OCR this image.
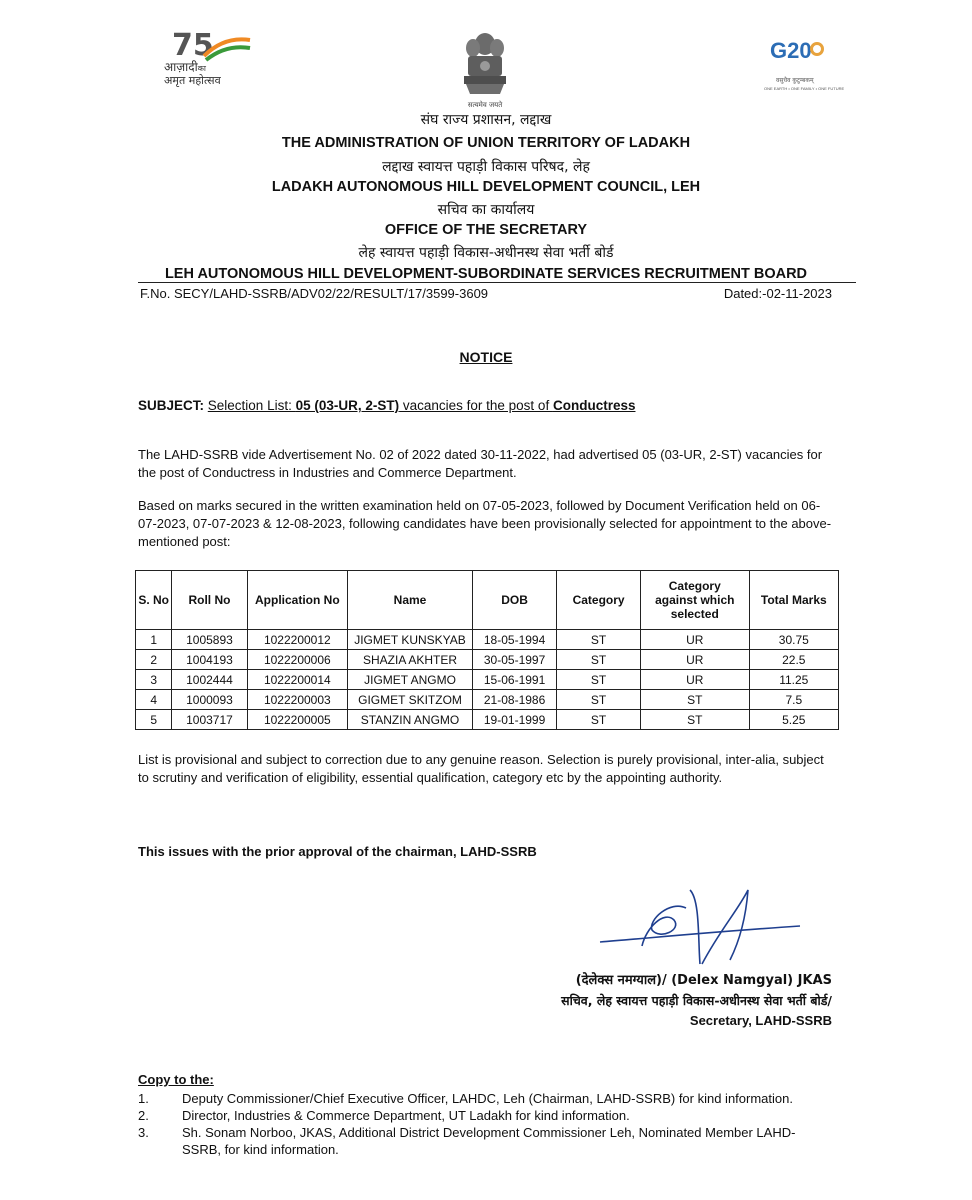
75
आज़ादीका
अमृत महोत्सव
सत्यमेव जयते
G20
वसुधैव कुटुम्बकम्
ONE EARTH • ONE FAMILY • ONE FUTURE
संघ राज्य प्रशासन, लद्दाख
THE ADMINISTRATION OF UNION TERRITORY OF LADAKH
लद्दाख स्वायत्त पहाड़ी विकास परिषद, लेह
LADAKH AUTONOMOUS HILL DEVELOPMENT COUNCIL, LEH
सचिव का कार्यालय
OFFICE OF THE SECRETARY
लेह स्वायत्त पहाड़ी विकास-अधीनस्थ सेवा भर्ती बोर्ड
LEH AUTONOMOUS HILL DEVELOPMENT-SUBORDINATE SERVICES RECRUITMENT BOARD
F.No. SECY/LAHD-SSRB/ADV02/22/RESULT/17/3599-3609	Dated:-02-11-2023
NOTICE
SUBJECT: Selection List: 05 (03-UR, 2-ST) vacancies for the post of Conductress
The LAHD-SSRB vide Advertisement No. 02 of 2022 dated 30-11-2022, had advertised 05 (03-UR, 2-ST) vacancies for the post of Conductress in Industries and Commerce Department.
Based on marks secured in the written examination held on 07-05-2023, followed by Document Verification held on 06-07-2023, 07-07-2023 & 12-08-2023, following candidates have been provisionally selected for appointment to the above-mentioned post:
S. No	Roll No	Application No	Name	DOB	Category	Category against which selected	Total Marks
1	1005893	1022200012	JIGMET KUNSKYAB	18-05-1994	ST	UR	30.75
2	1004193	1022200006	SHAZIA AKHTER	30-05-1997	ST	UR	22.5
3	1002444	1022200014	JIGMET ANGMO	15-06-1991	ST	UR	11.25
4	1000093	1022200003	GIGMET SKITZOM	21-08-1986	ST	ST	7.5
5	1003717	1022200005	STANZIN ANGMO	19-01-1999	ST	ST	5.25
List is provisional and subject to correction due to any genuine reason. Selection is purely provisional, inter-alia, subject to scrutiny and verification of eligibility, essential qualification, category etc by the appointing authority.
This issues with the prior approval of the chairman, LAHD-SSRB
(देलेक्स नमग्याल)/ (Delex Namgyal) JKAS
सचिव, लेह स्वायत्त पहाड़ी विकास-अधीनस्थ सेवा भर्ती बोर्ड/
Secretary, LAHD-SSRB
Copy to the:
1.	Deputy Commissioner/Chief Executive Officer, LAHDC, Leh (Chairman, LAHD-SSRB) for kind information.
2.	Director, Industries & Commerce Department, UT Ladakh for kind information.
3.	Sh. Sonam Norboo, JKAS, Additional District Development Commissioner Leh, Nominated Member LAHD-SSRB, for kind information.
